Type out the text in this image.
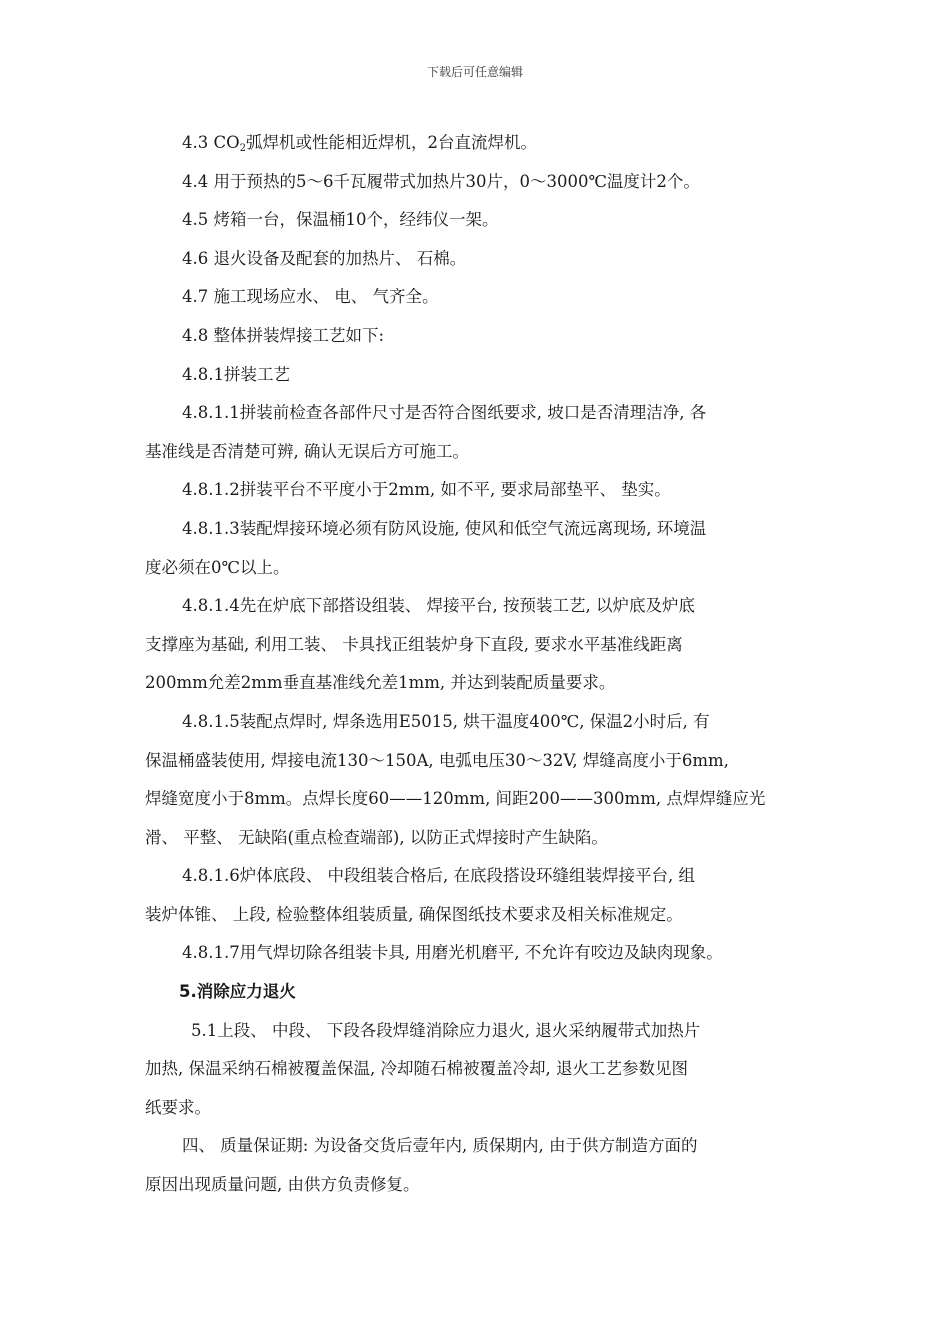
下载后可任意编辑
4.3 CO2弧焊机或性能相近焊机，2台直流焊机。
4.4 用于预热的5～6千瓦履带式加热片30片，0～3000℃温度计2个。
4.5 烤箱一台，保温桶10个，经纬仪一架。
4.6 退火设备及配套的加热片、 石棉。
4.7 施工现场应水、 电、 气齐全。
4.8 整体拼装焊接工艺如下:
4.8.1拼装工艺
4.8.1.1拼装前检查各部件尺寸是否符合图纸要求, 坡口是否清理洁净, 各
基准线是否清楚可辨, 确认无误后方可施工。
4.8.1.2拼装平台不平度小于2mm, 如不平, 要求局部垫平、 垫实。
4.8.1.3装配焊接环境必须有防风设施, 使风和低空气流远离现场, 环境温
度必须在0℃以上。
4.8.1.4先在炉底下部搭设组装、 焊接平台, 按预装工艺, 以炉底及炉底
支撑座为基础, 利用工装、 卡具找正组装炉身下直段, 要求水平基准线距离
200mm允差2mm垂直基准线允差1mm, 并达到装配质量要求。
4.8.1.5装配点焊时, 焊条选用E5015, 烘干温度400℃, 保温2小时后, 有
保温桶盛装使用, 焊接电流130～150A, 电弧电压30～32V, 焊缝高度小于6mm,
焊缝宽度小于8mm。点焊长度60——120mm, 间距200——300mm, 点焊焊缝应光
滑、 平整、 无缺陷(重点检查端部), 以防正式焊接时产生缺陷。
4.8.1.6炉体底段、 中段组装合格后, 在底段搭设环缝组装焊接平台, 组
装炉体锥、 上段, 检验整体组装质量, 确保图纸技术要求及相关标准规定。
4.8.1.7用气焊切除各组装卡具, 用磨光机磨平, 不允许有咬边及缺肉现象。
5.消除应力退火
5.1上段、 中段、 下段各段焊缝消除应力退火, 退火采纳履带式加热片
加热, 保温采纳石棉被覆盖保温, 冷却随石棉被覆盖冷却, 退火工艺参数见图
纸要求。
四、 质量保证期: 为设备交货后壹年内, 质保期内, 由于供方制造方面的
原因出现质量问题, 由供方负责修复。
